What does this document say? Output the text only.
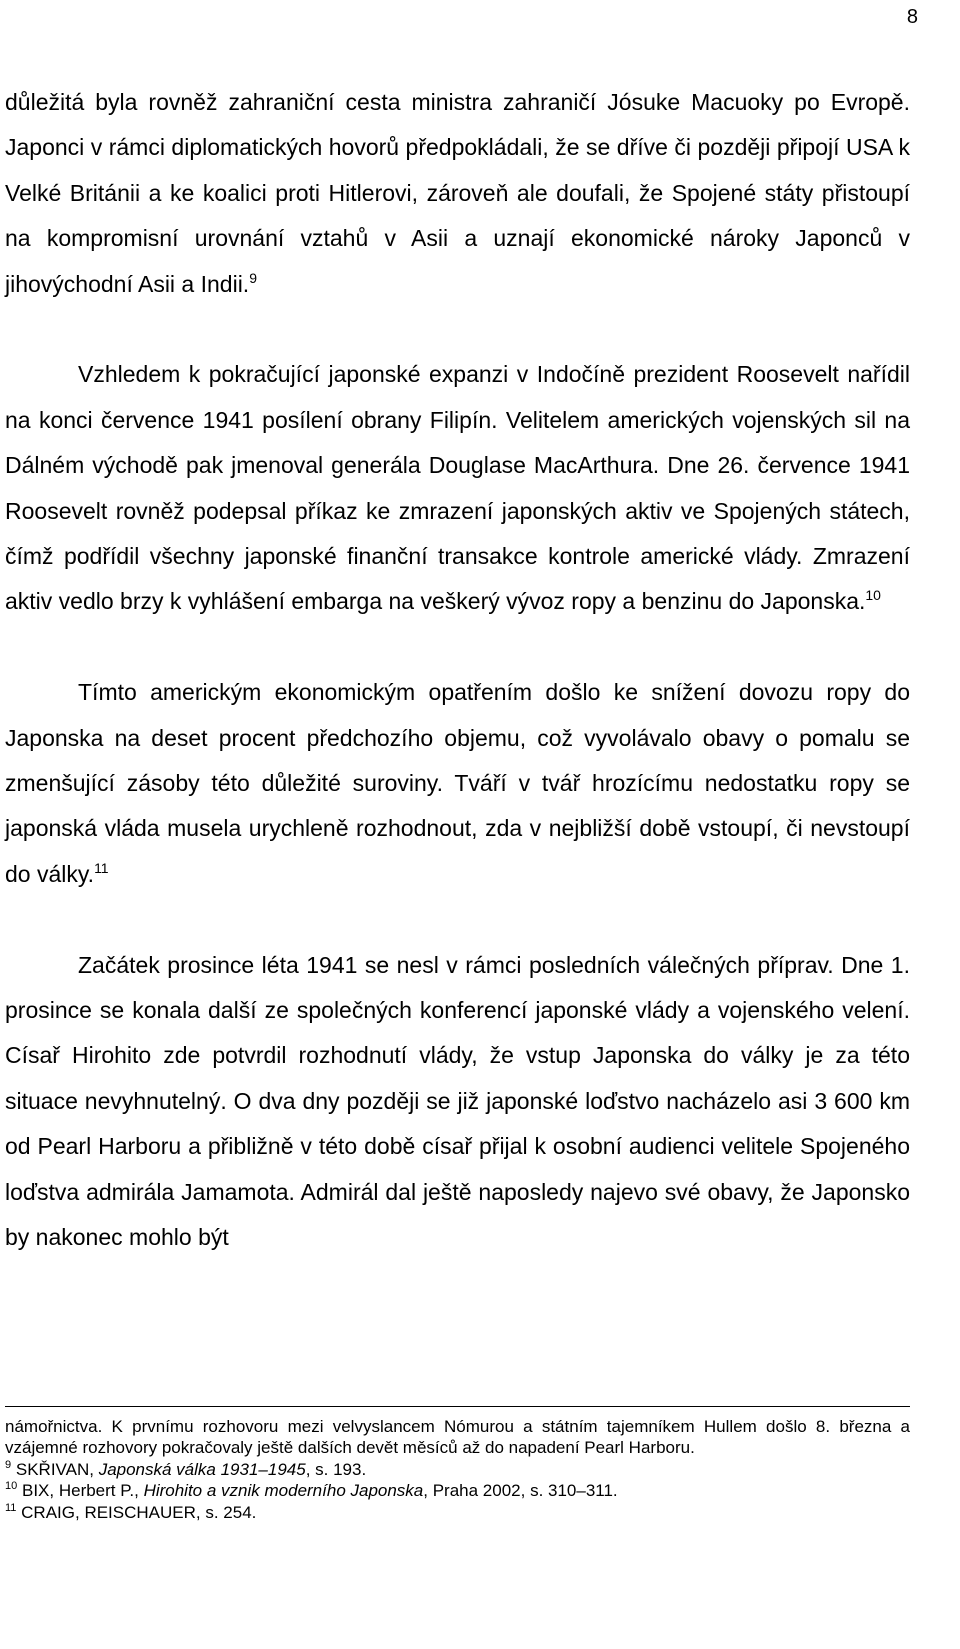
8

důležitá byla rovněž zahraniční cesta ministra zahraničí Jósuke Macuoky po Evropě. Japonci v rámci diplomatických hovorů předpokládali, že se dříve či později připojí USA k Velké Británii a ke koalici proti Hitlerovi, zároveň ale doufali, že Spojené státy přistoupí na kompromisní urovnání vztahů v Asii a uznají ekonomické nároky Japonců v jihovýchodní Asii a Indii.$^9$

Vzhledem k pokračující japonské expanzi v Indočíně prezident Roosevelt nařídil na konci července 1941 posílení obrany Filipín. Velitelem amerických vojenských sil na Dálném východě pak jmenoval generála Douglase MacArthura. Dne 26. července 1941 Roosevelt rovněž podepsal příkaz ke zmrazení japonských aktiv ve Spojených státech, čímž podřídil všechny japonské finanční transakce kontrole americké vlády. Zmrazení aktiv vedlo brzy k vyhlášení embarga na veškerý vývoz ropy a benzinu do Japonska.$^{10}$

Tímto americkým ekonomickým opatřením došlo ke snížení dovozu ropy do Japonska na deset procent předchozího objemu, což vyvolávalo obavy o pomalu se zmenšující zásoby této důležité suroviny. Tváří v tvář hrozícímu nedostatku ropy se japonská vláda musela urychleně rozhodnout, zda v nejbližší době vstoupí, či nevstoupí do války.$^{11}$

Začátek prosince léta 1941 se nesl v rámci posledních válečných příprav. Dne 1. prosince se konala další ze společných konferencí japonské vlády a vojenského velení. Císař Hirohito zde potvrdil rozhodnutí vlády, že vstup Japonska do války je za této situace nevyhnutelný. O dva dny později se již japonské loďstvo nacházelo asi 3 600 km od Pearl Harboru a přibližně v této době císař přijal k osobní audienci velitele Spojeného loďstva admirála Jamamota. Admirál dal ještě naposledy najevo své obavy, že Japonsko by nakonec mohlo být

námořnictva. K prvnímu rozhovoru mezi velvyslancem Nómurou a státním tajemníkem Hullem došlo 8. března a vzájemné rozhovory pokračovaly ještě dalších devět měsíců až do napadení Pearl Harboru.

$^9$ SKŘIVAN, Japonská válka 1931–1945, s. 193.

$^{10}$ BIX, Herbert P., Hirohito a vznik moderního Japonska, Praha 2002, s. 310–311.

$^{11}$ CRAIG, REISCHAUER, s. 254.
